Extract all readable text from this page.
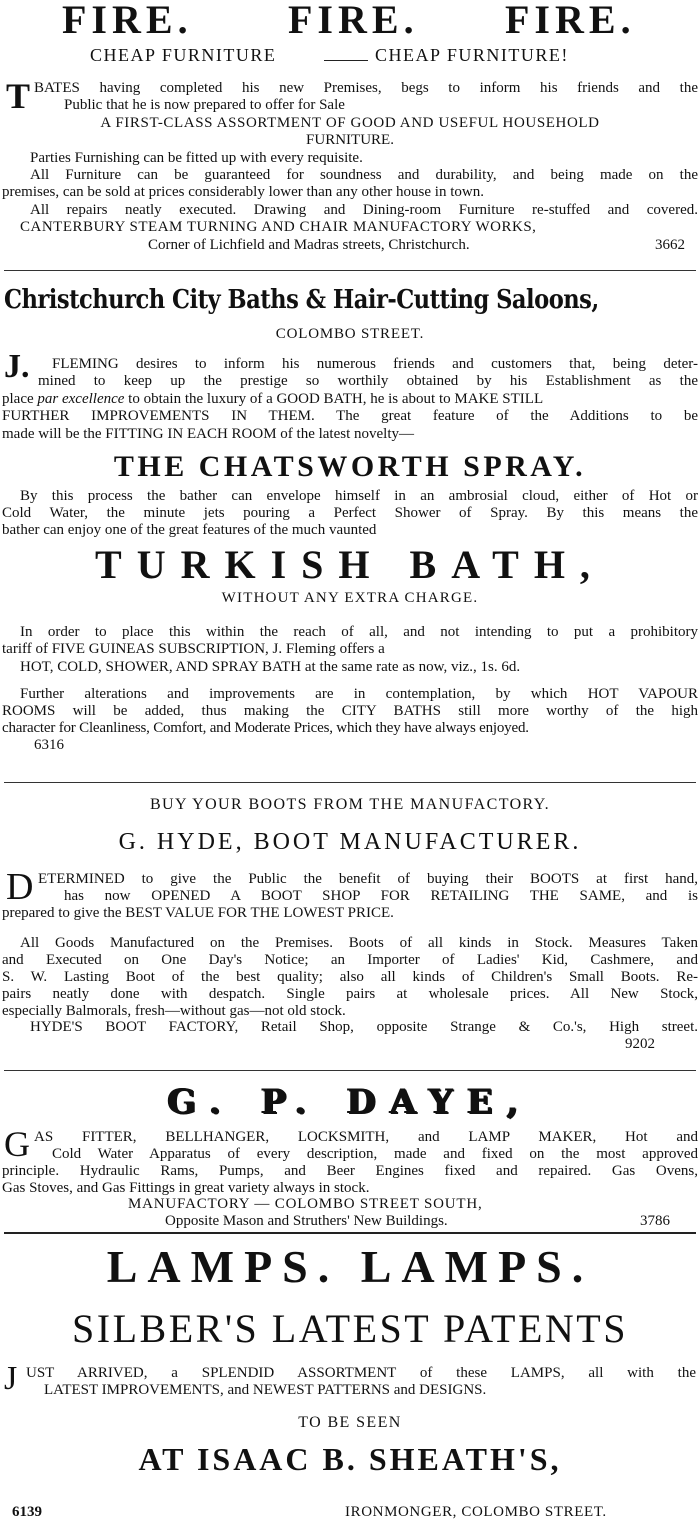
FIRE. FIRE. FIRE.
CHEAP FURNITURE	CHEAP FURNITURE!
T BATES having completed his new Premises, begs to inform his friends and the
Public that he is now prepared to offer for Sale
A FIRST-CLASS ASSORTMENT OF GOOD AND USEFUL HOUSEHOLD
FURNITURE.
Parties Furnishing can be fitted up with every requisite.
All Furniture can be guaranteed for soundness and durability, and being made on the
premises, can be sold at prices considerably lower than any other house in town.
All repairs neatly executed. Drawing and Dining-room Furniture re-stuffed and covered.
CANTERBURY STEAM TURNING AND CHAIR MANUFACTORY WORKS,
Corner of Lichfield and Madras streets, Christchurch.	3662
Christchurch City Baths & Hair-Cutting Saloons,
COLOMBO STREET.
J. FLEMING desires to inform his numerous friends and customers that, being deter-
mined to keep up the prestige so worthily obtained by his Establishment as the
place par excellence to obtain the luxury of a GOOD BATH, he is about to MAKE STILL
FURTHER IMPROVEMENTS IN THEM. The great feature of the Additions to be
made will be the FITTING IN EACH ROOM of the latest novelty—
THE CHATSWORTH SPRAY.
By this process the bather can envelope himself in an ambrosial cloud, either of Hot or
Cold Water, the minute jets pouring a Perfect Shower of Spray. By this means the
bather can enjoy one of the great features of the much vaunted
TURKISH BATH,
WITHOUT ANY EXTRA CHARGE.
In order to place this within the reach of all, and not intending to put a prohibitory
tariff of FIVE GUINEAS SUBSCRIPTION, J. Fleming offers a
HOT, COLD, SHOWER, AND SPRAY BATH at the same rate as now, viz., 1s. 6d.
Further alterations and improvements are in contemplation, by which HOT VAPOUR
ROOMS will be added, thus making the CITY BATHS still more worthy of the high
character for Cleanliness, Comfort, and Moderate Prices, which they have always enjoyed.
6316
BUY YOUR BOOTS FROM THE MANUFACTORY.
G. HYDE, BOOT MANUFACTURER.
D ETERMINED to give the Public the benefit of buying their BOOTS at first hand,
has now OPENED A BOOT SHOP FOR RETAILING THE SAME, and is
prepared to give the BEST VALUE FOR THE LOWEST PRICE.
All Goods Manufactured on the Premises. Boots of all kinds in Stock. Measures Taken
and Executed on One Day's Notice; an Importer of Ladies' Kid, Cashmere, and
S. W. Lasting Boot of the best quality; also all kinds of Children's Small Boots. Re-
pairs neatly done with despatch. Single pairs at wholesale prices. All New Stock,
especially Balmorals, fresh—without gas—not old stock.
HYDE'S BOOT FACTORY, Retail Shop, opposite Strange & Co.'s, High street.
9202
G. P. DAYE,
G AS FITTER, BELLHANGER, LOCKSMITH, and LAMP MAKER, Hot and
Cold Water Apparatus of every description, made and fixed on the most approved
principle. Hydraulic Rams, Pumps, and Beer Engines fixed and repaired. Gas Ovens,
Gas Stoves, and Gas Fittings in great variety always in stock.
MANUFACTORY — COLOMBO STREET SOUTH,
Opposite Mason and Struthers' New Buildings.	3786
LAMPS. LAMPS.
SILBER'S LATEST PATENTS
J UST ARRIVED, a SPLENDID ASSORTMENT of these LAMPS, all with the
LATEST IMPROVEMENTS, and NEWEST PATTERNS and DESIGNS.
TO BE SEEN
AT ISAAC B. SHEATH'S,
6139	IRONMONGER, COLOMBO STREET.
